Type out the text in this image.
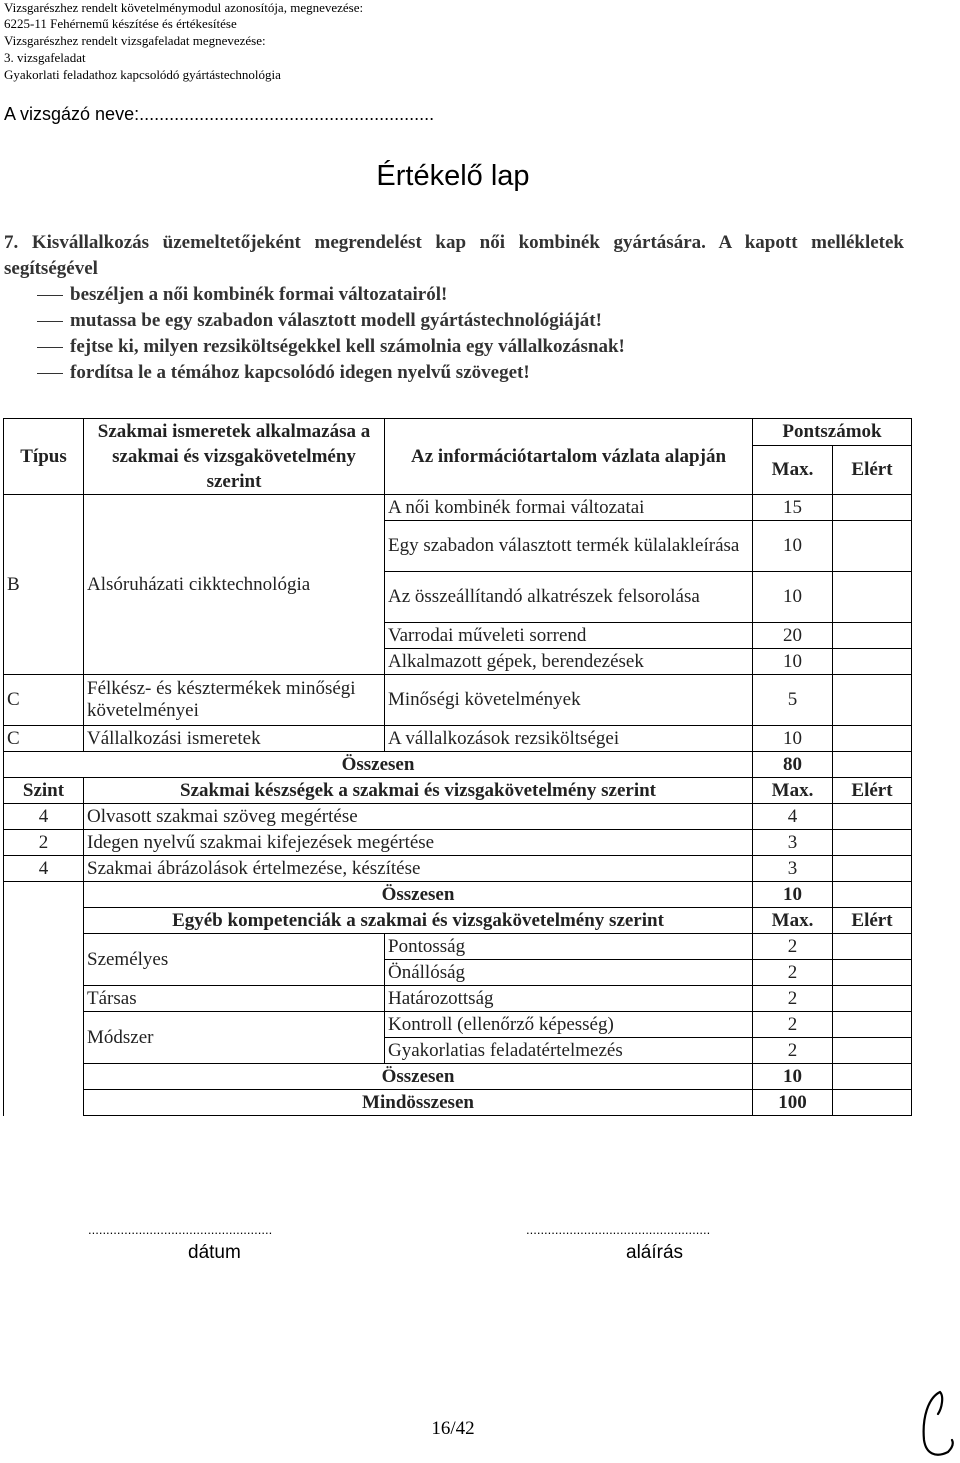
Vizsgarészhez rendelt követelménymodul azonosítója, megnevezése:
6225-11 Fehérnemű készítése és értékesítése
Vizsgarészhez rendelt vizsgafeladat megnevezése:
3. vizsgafeladat
Gyakorlati feladathoz kapcsolódó gyártástechnológia
A vizsgázó neve:...........................................................
Értékelő lap
7. Kisvállalkozás üzemeltetőjeként megrendelést kap női kombinék gyártására. A kapott mellékletek segítségével
beszéljen a női kombinék formai változatairól!
mutassa be egy szabadon választott modell gyártástechnológiáját!
fejtse ki, milyen rezsiköltségekkel kell számolnia egy vállalkozásnak!
fordítsa le a témához kapcsolódó idegen nyelvű szöveget!
Típus	Szakmai ismeretek alkalmazása a szakmai és vizsgakövetelmény szerint	Az információtartalom vázlata alapján	Pontszámok	
			Max.	Elért
B	Alsóruházati cikktechnológia	A női kombinék formai változatai	15	
		Egy szabadon választott termék külalakleírása	10	
		Az összeállítandó alkatrészek felsorolása	10	
		Varrodai műveleti sorrend	20	
		Alkalmazott gépek, berendezések	10	
C	Félkész- és késztermékek minőségi követelményei	Minőségi követelmények	5	
C	Vállalkozási ismeretek	A vállalkozások rezsiköltségei	10	
Összesen			80	
Szint	Szakmai készségek a szakmai és vizsgakövetelmény szerint		Max.	Elért
4	Olvasott szakmai szöveg megértése		4	
2	Idegen nyelvű szakmai kifejezések megértése		3	
4	Szakmai ábrázolások értelmezése, készítése		3	
	Összesen		10	
	Egyéb kompetenciák a szakmai és vizsgakövetelmény szerint		Max.	Elért
	Személyes	Pontosság	2	
		Önállóság	2	
	Társas	Határozottság	2	
	Módszer	Kontroll (ellenőrző képesség)	2	
		Gyakorlatias feladatértelmezés	2	
	Összesen		10	
	Mindösszesen		100	
...................................................	...................................................
dátum	aláírás
16/42
